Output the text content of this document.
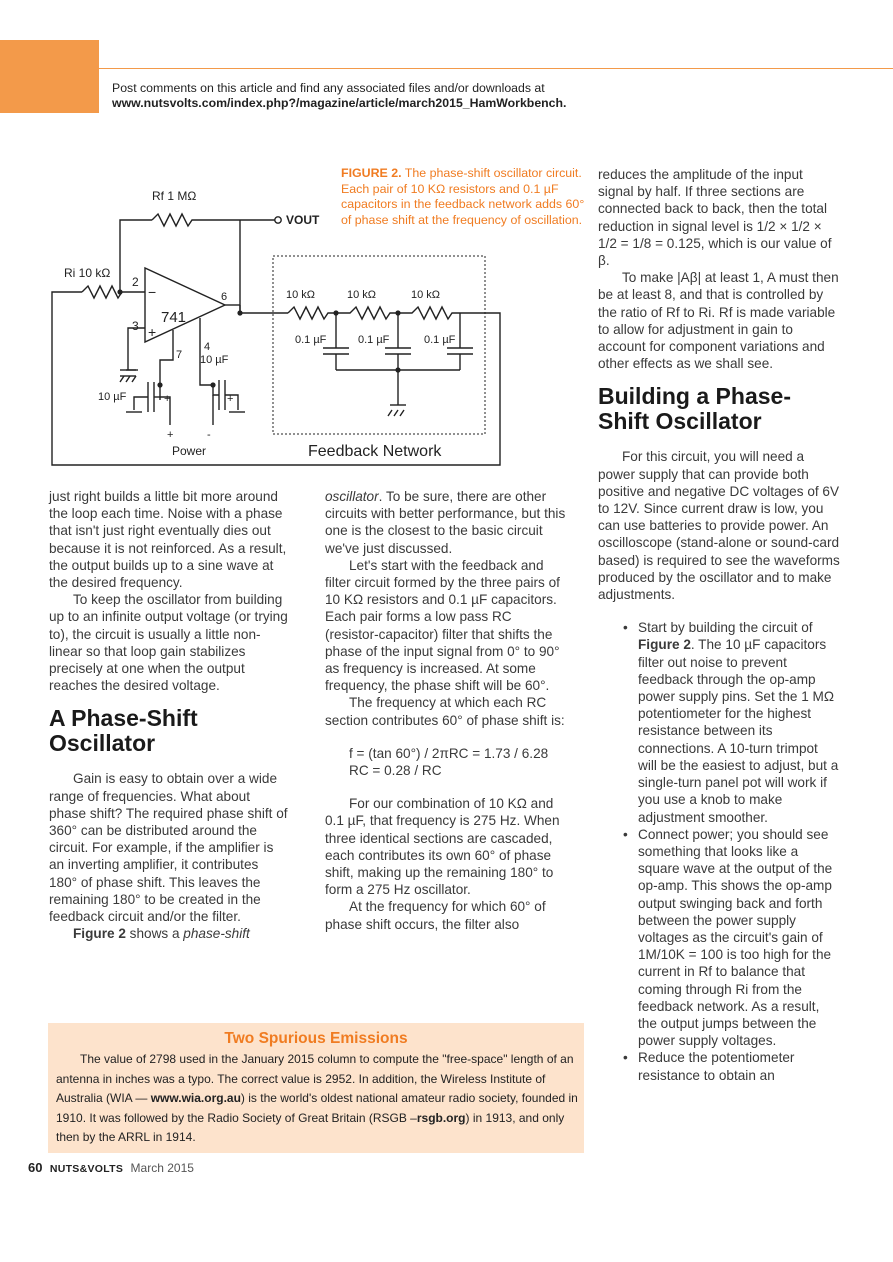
Post comments on this article and find any associated files and/or downloads at
www.nutsvolts.com/index.php?/magazine/article/march2015_HamWorkbench.
Rf 1 MΩ
VOUT
Ri 10 kΩ
741
2
3
4
6
7
−
+
10 kΩ	10 kΩ	10 kΩ
0.1 µF	0.1 µF	0.1 µF
10 µF
10 µF
+	+
+	-
Power	Feedback Network
FIGURE 2. The phase-shift oscillator circuit. Each pair of 10 KΩ resistors and 0.1 µF capacitors in the feedback network adds 60° of phase shift at the frequency of oscillation.

just right builds a little bit more around the loop each time. Noise with a phase that isn't just right eventually dies out because it is not reinforced. As a result, the output builds up to a sine wave at the desired frequency.

To keep the oscillator from building up to an infinite output voltage (or trying to), the circuit is usually a little non-linear so that loop gain stabilizes precisely at one when the output reaches the desired voltage.

A Phase-Shift Oscillator

Gain is easy to obtain over a wide range of frequencies. What about phase shift? The required phase shift of 360° can be distributed around the circuit. For example, if the amplifier is an inverting amplifier, it contributes 180° of phase shift. This leaves the remaining 180° to be created in the feedback circuit and/or the filter.

Figure 2 shows a phase-shift

oscillator. To be sure, there are other circuits with better performance, but this one is the closest to the basic circuit we've just discussed.

Let's start with the feedback and filter circuit formed by the three pairs of 10 KΩ resistors and 0.1 µF capacitors. Each pair forms a low pass RC (resistor-capacitor) filter that shifts the phase of the input signal from 0° to 90° as frequency is increased. At some frequency, the phase shift will be 60°.

The frequency at which each RC section contributes 60° of phase shift is:

f = (tan 60°) / 2πRC = 1.73 / 6.28 RC = 0.28 / RC

For our combination of 10 KΩ and 0.1 µF, that frequency is 275 Hz. When three identical sections are cascaded, each contributes its own 60° of phase shift, making up the remaining 180° to form a 275 Hz oscillator.

At the frequency for which 60° of phase shift occurs, the filter also

reduces the amplitude of the input signal by half. If three sections are connected back to back, then the total reduction in signal level is 1/2 × 1/2 × 1/2 = 1/8 = 0.125, which is our value of β.

To make |Aβ| at least 1, A must then be at least 8, and that is controlled by the ratio of Rf to Ri. Rf is made variable to allow for adjustment in gain to account for component variations and other effects as we shall see.

Building a Phase-Shift Oscillator

For this circuit, you will need a power supply that can provide both positive and negative DC voltages of 6V to 12V. Since current draw is low, you can use batteries to provide power. An oscilloscope (stand-alone or sound-card based) is required to see the waveforms produced by the oscillator and to make adjustments.

• Start by building the circuit of Figure 2. The 10 µF capacitors filter out noise to prevent feedback through the op-amp power supply pins. Set the 1 MΩ potentiometer for the highest resistance between its connections. A 10-turn trimpot will be the easiest to adjust, but a single-turn panel pot will work if you use a knob to make adjustment smoother.
• Connect power; you should see something that looks like a square wave at the output of the op-amp. This shows the op-amp output swinging back and forth between the power supply voltages as the circuit's gain of 1M/10K = 100 is too high for the current in Rf to balance that coming through Ri from the feedback network. As a result, the output jumps between the power supply voltages.
• Reduce the potentiometer resistance to obtain an
Two Spurious Emissions
The value of 2798 used in the January 2015 column to compute the "free-space" length of an antenna in inches was a typo. The correct value is 2952. In addition, the Wireless Institute of Australia (WIA — www.wia.org.au) is the world's oldest national amateur radio society, founded in 1910. It was followed by the Radio Society of Great Britain (RSGB –rsgb.org) in 1913, and only then by the ARRL in 1914.
60 NUTS&VOLTS March 2015
